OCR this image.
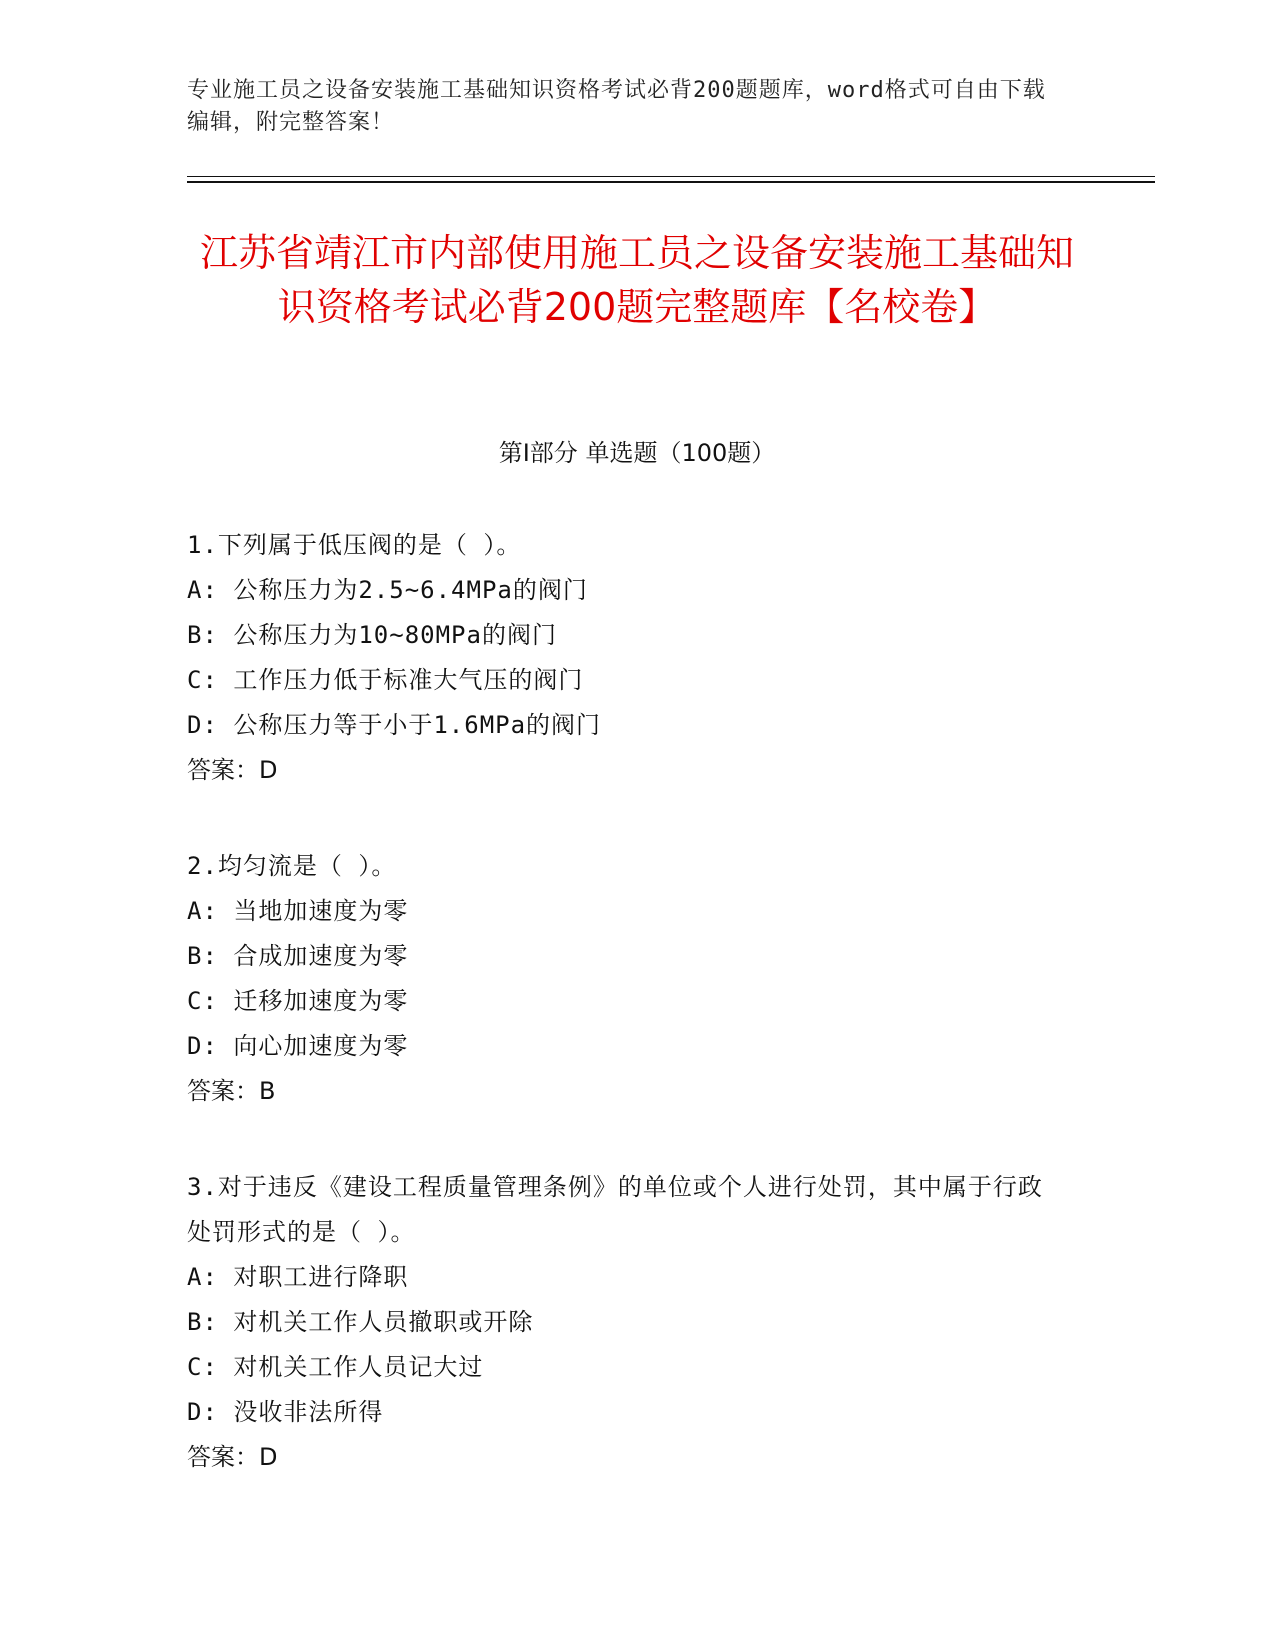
专业施工员之设备安装施工基础知识资格考试必背200题题库，word格式可自由下载编辑，附完整答案！
江苏省靖江市内部使用施工员之设备安装施工基础知识资格考试必背200题完整题库【名校卷】
第I部分 单选题（100题）

1.下列属于低压阀的是（ ）。

A: 公称压力为2.5~6.4MPa的阀门

B: 公称压力为10~80MPa的阀门

C: 工作压力低于标准大气压的阀门

D: 公称压力等于小于1.6MPa的阀门

答案：D

2.均匀流是（ ）。

A: 当地加速度为零

B: 合成加速度为零

C: 迁移加速度为零

D: 向心加速度为零

答案：B

3.对于违反《建设工程质量管理条例》的单位或个人进行处罚，其中属于行政处罚形式的是（ ）。

A: 对职工进行降职

B: 对机关工作人员撤职或开除

C: 对机关工作人员记大过

D: 没收非法所得

答案：D
